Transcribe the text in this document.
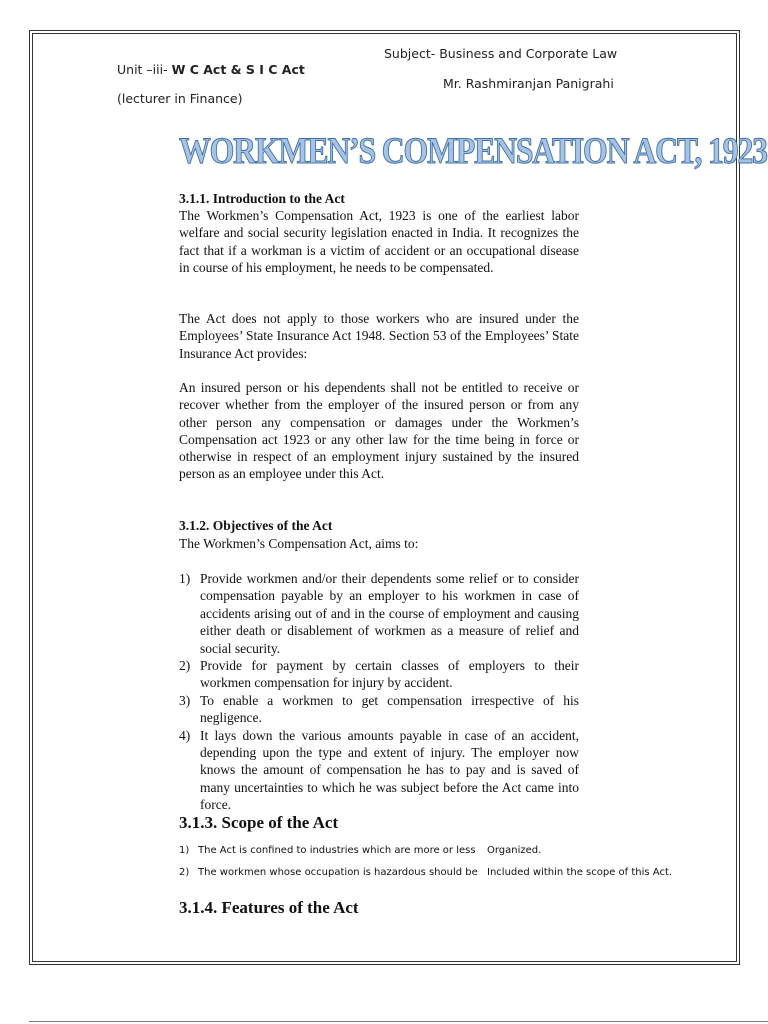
Subject- Business and Corporate Law
Unit –iii- W C Act & S I C Act
Mr. Rashmiranjan Panigrahi
(lecturer in Finance)
WORKMEN’S COMPENSATION ACT, 1923
3.1.1. Introduction to the Act

The Workmen’s Compensation Act, 1923 is one of the earliest labor welfare and social security legislation enacted in India. It recognizes the fact that if a workman is a victim of accident or an occupational disease in course of his employment, he needs to be compensated.

The Act does not apply to those workers who are insured under the Employees’ State Insurance Act 1948. Section 53 of the Employees’ State Insurance Act provides:

An insured person or his dependents shall not be entitled to receive or recover whether from the employer of the insured person or from any other person any compensation or damages under the Workmen’s Compensation act 1923 or any other law for the time being in force or otherwise in respect of an employment injury sustained by the insured person as an employee under this Act.

3.1.2. Objectives of the Act
The Workmen’s Compensation Act, aims to:
1) Provide workmen and/or their dependents some relief or to consider compensation payable by an employer to his workmen in case of accidents arising out of and in the course of employment and causing either death or disablement of workmen as a measure of relief and social security.
2) Provide for payment by certain classes of employers to their workmen compensation for injury by accident.
3) To enable a workmen to get compensation irrespective of his negligence.
4) It lays down the various amounts payable in case of an accident, depending upon the type and extent of injury. The employer now knows the amount of compensation he has to pay and is saved of many uncertainties to which he was subject before the Act came into force.
3.1.3. Scope of the Act
1) The Act is confined to industries which are more or less Organized.
2) The workmen whose occupation is hazardous should be Included within the scope of this Act.
3.1.4. Features of the Act
